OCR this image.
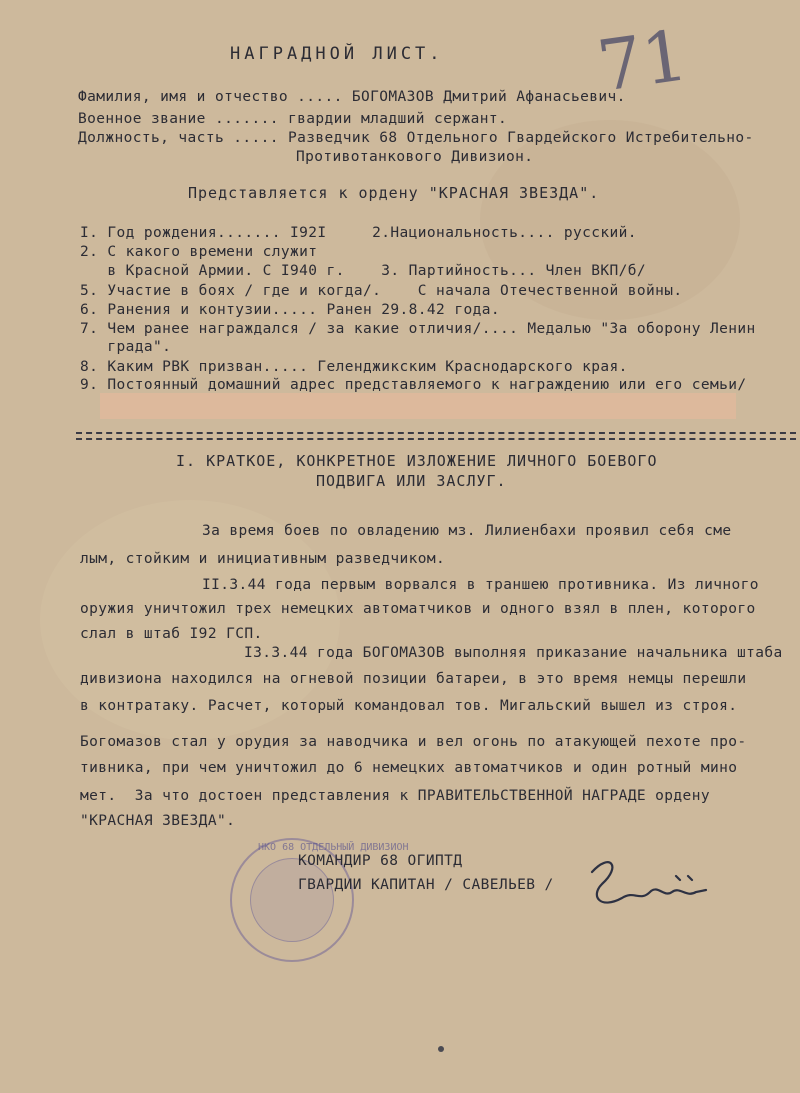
71
НАГРАДНОЙ ЛИСТ.
Фамилия, имя и отчество ..... БОГОМАЗОВ Дмитрий Афанасьевич.
Военное звание ....... гвардии младший сержант.
Должность, часть ..... Разведчик 68 Отдельного Гвардейского Истребительно-
Противотанкового Дивизион.
Представляется к ордену "КРАСНАЯ ЗВЕЗДА".
I. Год рождения....... I92I     2.Национальность.... русский.
2. С какого времени служит
в Красной Армии. С I940 г.    3. Партийность... Член ВКП/б/
5. Участие в боях / где и когда/.    С начала Отечественной войны.
6. Ранения и контузии..... Ранен 29.8.42 года.
7. Чем ранее награждался / за какие отличия/.... Медалью "За оборону Ленин
града".
8. Каким РВК призван..... Геленджикским Краснодарского края.
9. Постоянный домашний адрес представляемого к награждению или его семьи/
I. КРАТКОЕ, КОНКРЕТНОЕ ИЗЛОЖЕНИЕ ЛИЧНОГО БОЕВОГО
ПОДВИГА ИЛИ ЗАСЛУГ.
За время боев по овладению мз. Лилиенбахи проявил себя сме
лым, стойким и инициативным разведчиком.
II.3.44 года первым ворвался в траншею противника. Из личного
оружия уничтожил трех немецких автоматчиков и одного взял в плен, которого
слал в штаб I92 ГСП.
I3.3.44 года БОГОМАЗОВ выполняя приказание начальника штаба
дивизиона находился на огневой позиции батареи, в это время немцы перешли
в контратаку. Расчет, который командовал тов. Мигальский вышел из строя.
Богомазов стал у орудия за наводчика и вел огонь по атакующей пехоте про-
тивника, при чем уничтожил до 6 немецких автоматчиков и один ротный мино
мет.  За что достоен представления к ПРАВИТЕЛЬСТВЕННОЙ НАГРАДЕ ордену
"КРАСНАЯ ЗВЕЗДА".
НКО 68 ОТДЕЛЬНЫЙ ДИВИЗИОН
КОМАНДИР 68 ОГИПТД
ГВАРДИИ КАПИТАН / САВЕЛЬЕВ /
